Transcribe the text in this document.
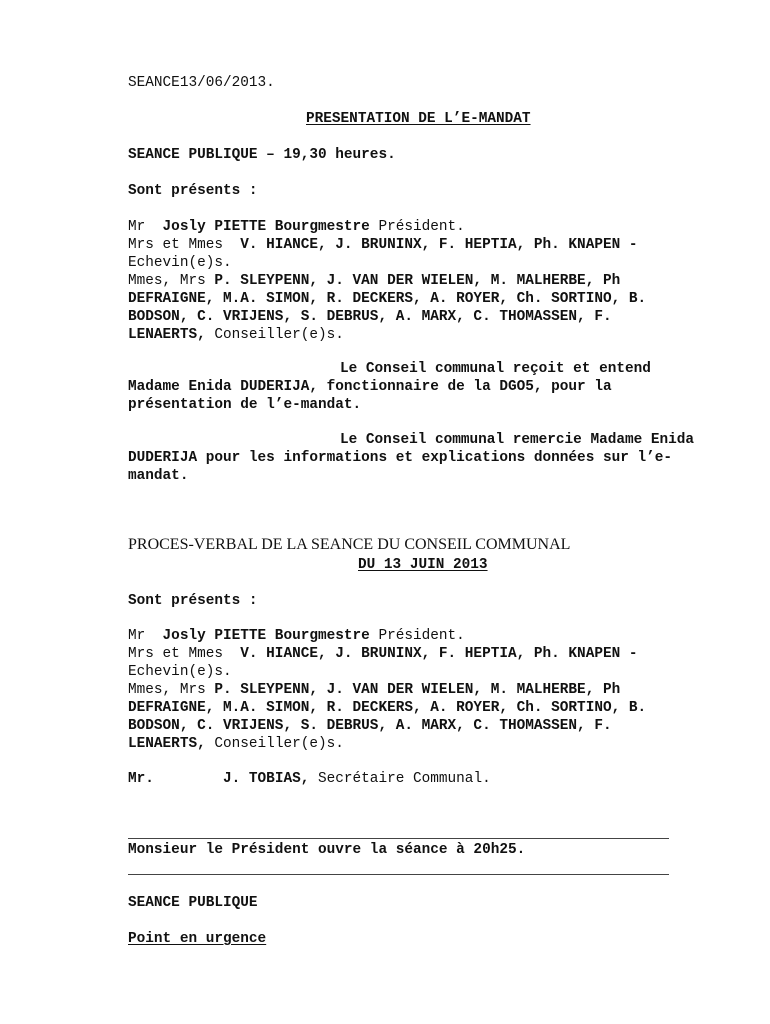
SEANCE13/06/2013.
PRESENTATION DE L’E-MANDAT
SEANCE PUBLIQUE – 19,30 heures.
Sont présents :
Mr  Josly PIETTE Bourgmestre Président.
Mrs et Mmes  V. HIANCE, J. BRUNINX, F. HEPTIA, Ph. KNAPEN -
Echevin(e)s.
Mmes, Mrs P. SLEYPENN, J. VAN DER WIELEN, M. MALHERBE, Ph
DEFRAIGNE, M.A. SIMON, R. DECKERS, A. ROYER, Ch. SORTINO, B.
BODSON, C. VRIJENS, S. DEBRUS, A. MARX, C. THOMASSEN, F.
LENAERTS, Conseiller(e)s.
Le Conseil communal reçoit et entend
Madame Enida DUDERIJA, fonctionnaire de la DGO5, pour la
présentation de l’e-mandat.
Le Conseil communal remercie Madame Enida
DUDERIJA pour les informations et explications données sur l’e-
mandat.
PROCES-VERBAL DE LA SEANCE DU CONSEIL COMMUNAL
DU 13 JUIN 2013
Sont présents :
Mr  Josly PIETTE Bourgmestre Président.
Mrs et Mmes  V. HIANCE, J. BRUNINX, F. HEPTIA, Ph. KNAPEN -
Echevin(e)s.
Mmes, Mrs P. SLEYPENN, J. VAN DER WIELEN, M. MALHERBE, Ph
DEFRAIGNE, M.A. SIMON, R. DECKERS, A. ROYER, Ch. SORTINO, B.
BODSON, C. VRIJENS, S. DEBRUS, A. MARX, C. THOMASSEN, F.
LENAERTS, Conseiller(e)s.
Mr.        J. TOBIAS, Secrétaire Communal.
Monsieur le Président ouvre la séance à 20h25.
SEANCE PUBLIQUE
Point en urgence
